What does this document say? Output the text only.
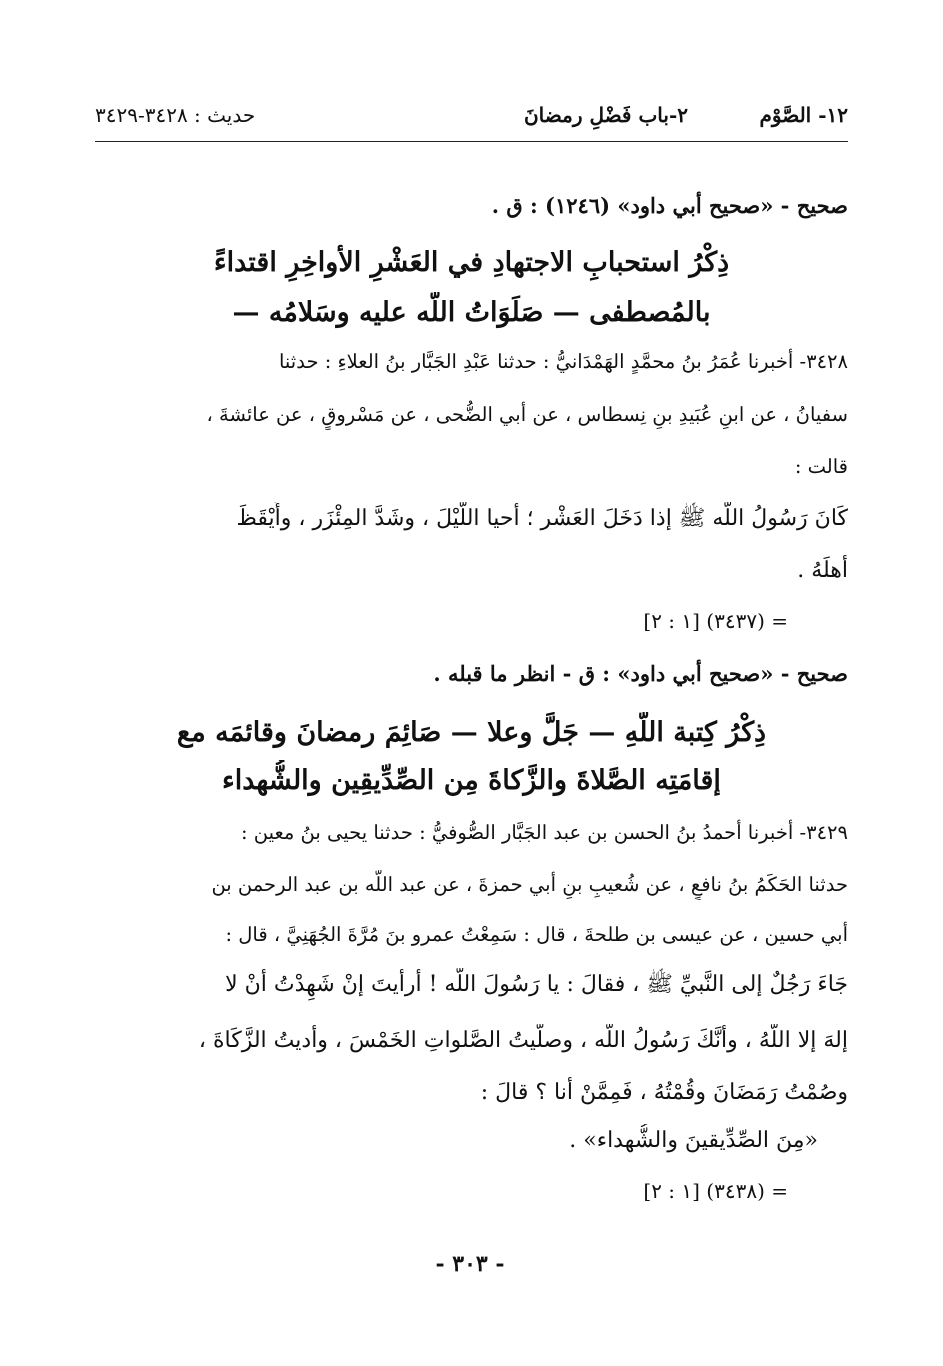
١٢- الصَّوْم
٢-باب فَضْلِ رمضانَ
حديث : ٣٤٢٨-٣٤٢٩
صحيح - «صحيح أبي داود» (١٢٤٦) : ق .
ذِكْرُ استحبابِ الاجتهادِ في العَشْرِ الأواخِرِ اقتداءً
بالمُصطفى — صَلَوَاتُ اللَّه عليه وسَلامُه —
٣٤٢٨- أخبرنا عُمَرُ بنُ محمَّدٍ الهَمْدَانيُّ : حدثنا عَبْدِ الجَبَّار بنُ العلاءِ : حدثنا
سفيانُ ، عن ابنِ عُبَيدِ بنِ نِسطاس ، عن أبي الضُّحى ، عن مَسْروقٍ ، عن عائشةَ ،
قالت :
كَانَ رَسُولُ اللَّه ﷺ إذا دَخَلَ العَشْر ؛ أحيا اللَّيْلَ ، وشَدَّ المِئْزَر ، وأَيْقَظَ
أهلَهُ .
= (٣٤٣٧) [١ : ٢]
صحيح - «صحيح أبي داود» : ق - انظر ما قبله .
ذِكْرُ كِتبة اللَّهِ — جَلَّ وعلا — صَائِمَ رمضانَ وقائمَه مع
إقامَتِه الصَّلاةَ والزَّكاةَ مِن الصِّدِّيقِين والشُّهداء
٣٤٢٩- أخبرنا أحمدُ بنُ الحسن بن عبد الجَبَّار الصُّوفيُّ : حدثنا يحيى بنُ معين :
حدثنا الحَكَمُ بنُ نافعٍ ، عن شُعيبِ بنِ أبي حمزةَ ، عن عبد اللَّه بن عبد الرحمن بن
أبي حسين ، عن عيسى بن طلحةَ ، قال : سَمِعْتُ عمرو بنَ مُرَّةَ الجُهَنِيَّ ، قال :
جَاءَ رَجُلٌ إلى النَّبيِّ ﷺ ، فقالَ : يا رَسُولَ اللَّه ! أرأيتَ إنْ شَهِدْتُ أنْ لا
إلهَ إلا اللَّهُ ، وأنَّكَ رَسُولُ اللَّه ، وصلَّيتُ الصَّلواتِ الخَمْسَ ، وأديتُ الزَّكَاةَ ،
وصُمْتُ رَمَضَانَ وقُمْتُهُ ، فَمِمَّنْ أنا ؟ قالَ :
«مِنَ الصِّدِّيقينَ والشُّهداء» .
= (٣٤٣٨) [١ : ٢]
- ٣٠٣ -
